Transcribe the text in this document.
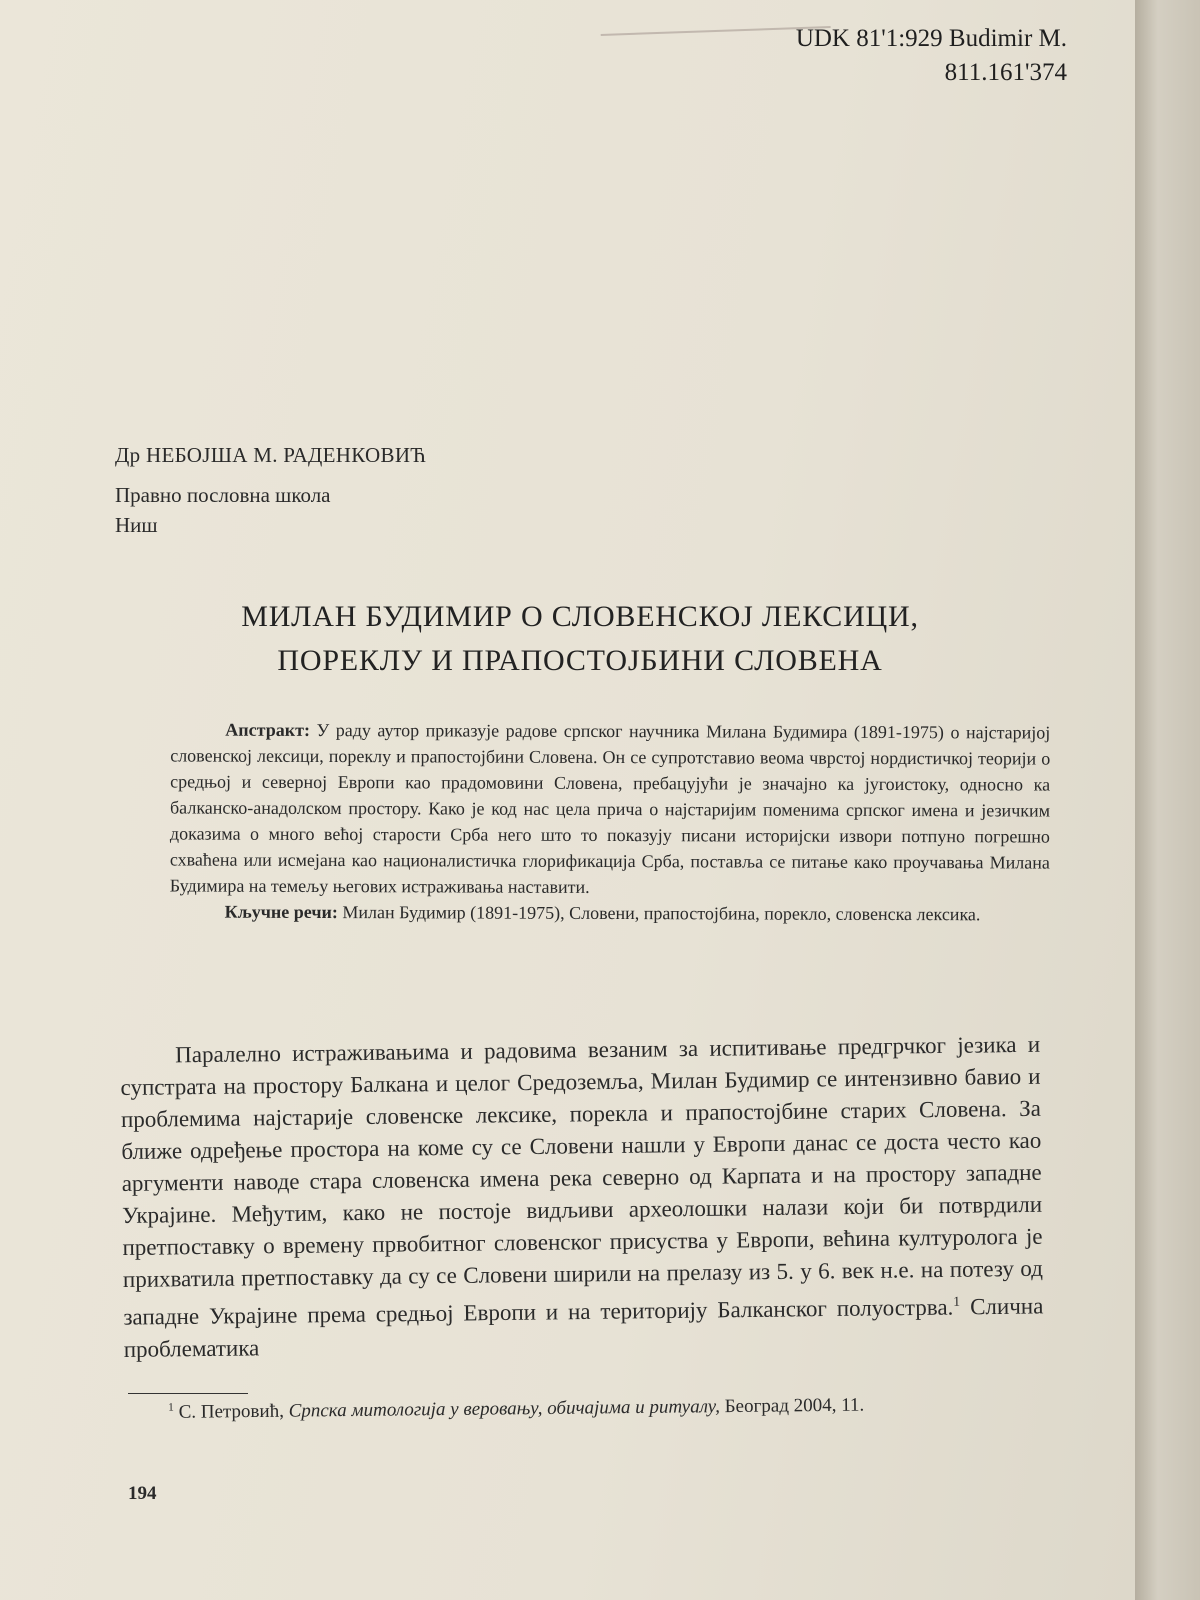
UDK 81'1:929 Budimir M.
811.161'374
Др НЕБОЈША М. РАДЕНКОВИЋ
Правно пословна школа
Ниш
МИЛАН БУДИМИР О СЛОВЕНСКОЈ ЛЕКСИЦИ,
ПОРЕКЛУ И ПРАПОСТОЈБИНИ СЛОВЕНА

Апстракт: У раду аутор приказује радове српског научника Милана Будимира (1891-1975) о најстаријој словенској лексици, пореклу и прапостојбини Словена. Он се супротставио веома чврстој нордистичкој теорији о средњој и северној Европи као прадомовини Словена, пребацујући је значајно ка југоистоку, односно ка балканско-анадолском простору. Како је код нас цела прича о најстаријим поменима српског имена и језичким доказима о много већој старости Срба него што то показују писани историјски извори потпуно погрешно схваћена или исмејана као националистичка глорификација Срба, поставља се питање како проучавања Милана Будимира на темељу његових истраживања наставити.

Кључне речи: Милан Будимир (1891-1975), Словени, прапостојбина, порекло, словенска лексика.

Паралелно истраживањима и радовима везаним за испитивање предгрчког језика и супстрата на простору Балкана и целог Средоземља, Милан Будимир се интензивно бавио и проблемима најстарије словенске лексике, порекла и прапостојбине старих Словена. За ближе одређење простора на коме су се Словени нашли у Европи данас се доста често као аргументи наводе стара словенска имена река северно од Карпата и на простору западне Украјине. Међутим, како не постоје видљиви археолошки налази који би потврдили претпоставку о времену првобитног словенског присуства у Европи, већина културолога је прихватила претпоставку да су се Словени ширили на прелазу из 5. у 6. век н.е. на потезу од западне Украјине према средњој Европи и на територију Балканског полуострва.$^1$ Слична проблематика

$^1$ С. Петровић, Српска митологија у веровању, обичајима и ритуалу, Београд 2004, 11.
194
